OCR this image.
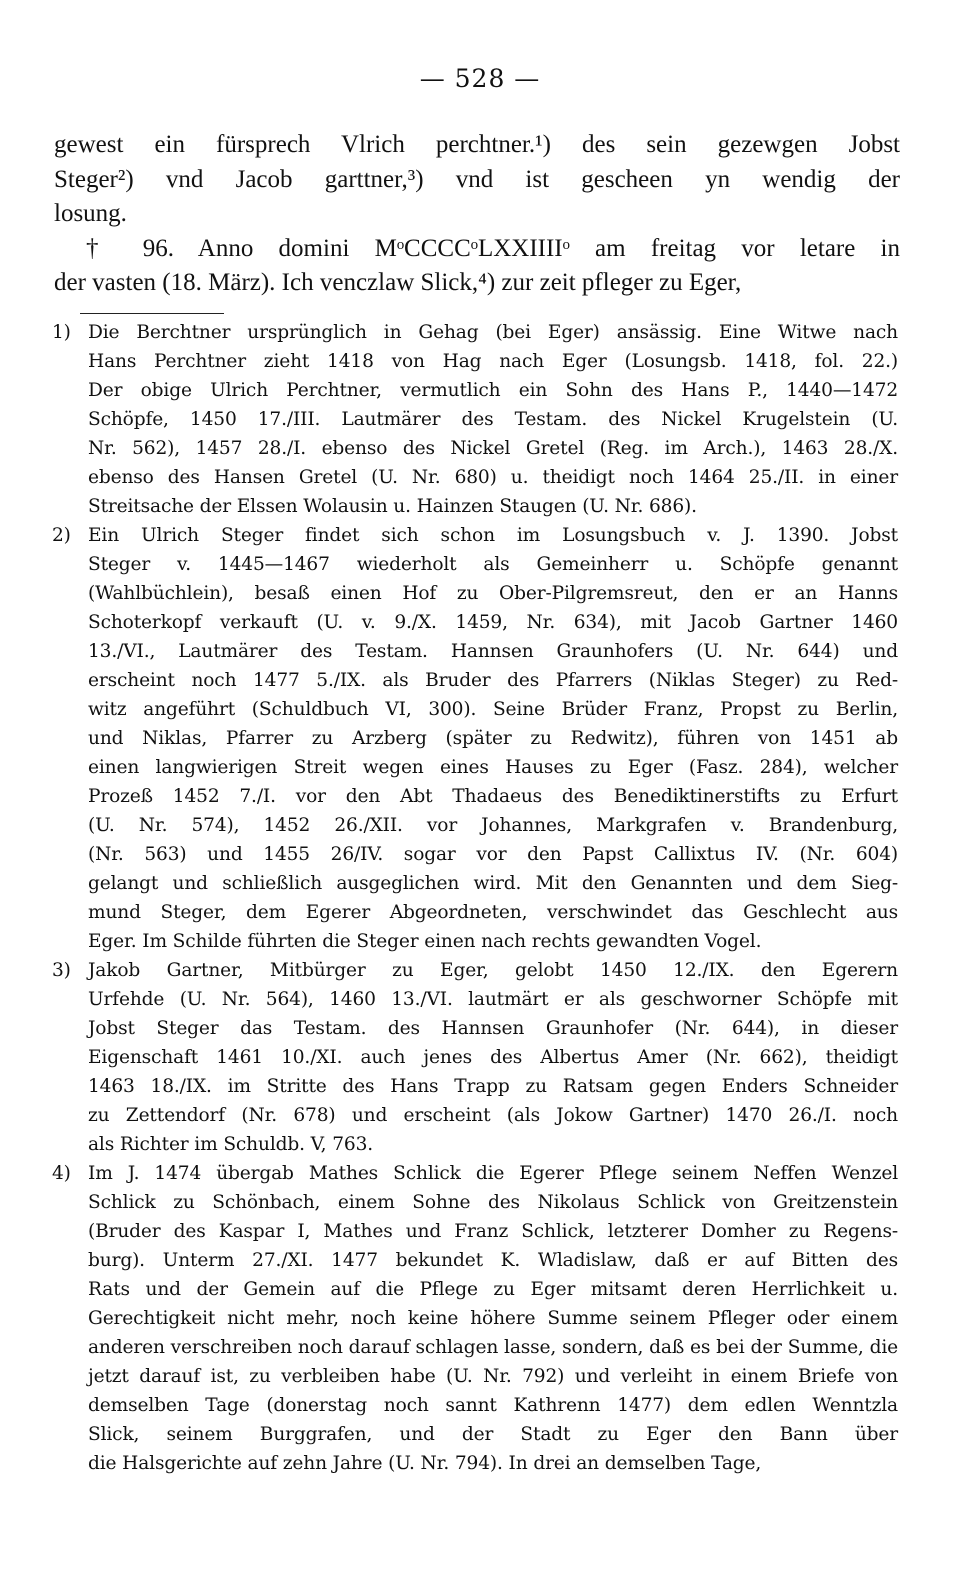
— 528 —
gewest ein fürsprech Vlrich perchtner.¹) des sein gezewgen Jobst
Steger²) vnd Jacob garttner,³) vnd ist gescheen yn wendig der
losung.
† 96. Anno domini MᵒCCCCᵒLXXIIIIᵒ am freitag vor letare in
der vasten (18. März). Ich venczlaw Slick,⁴) zur zeit pfleger zu Eger,
1) Die Berchtner ursprünglich in Gehag (bei Eger) ansässig. Eine Witwe nach
Hans Perchtner zieht 1418 von Hag nach Eger (Losungsb. 1418, fol. 22.)
Der obige Ulrich Perchtner, vermutlich ein Sohn des Hans P., 1440—1472
Schöpfe, 1450 17./III. Lautmärer des Testam. des Nickel Krugelstein (U.
Nr. 562), 1457 28./I. ebenso des Nickel Gretel (Reg. im Arch.), 1463 28./X.
ebenso des Hansen Gretel (U. Nr. 680) u. theidigt noch 1464 25./II. in einer
Streitsache der Elssen Wolausin u. Hainzen Staugen (U. Nr. 686).
2) Ein Ulrich Steger findet sich schon im Losungsbuch v. J. 1390. Jobst
Steger v. 1445—1467 wiederholt als Gemeinherr u. Schöpfe genannt
(Wahlbüchlein), besaß einen Hof zu Ober-Pilgremsreut, den er an Hanns
Schoterkopf verkauft (U. v. 9./X. 1459, Nr. 634), mit Jacob Gartner 1460
13./VI., Lautmärer des Testam. Hannsen Graunhofers (U. Nr. 644) und
erscheint noch 1477 5./IX. als Bruder des Pfarrers (Niklas Steger) zu Red-
witz angeführt (Schuldbuch VI, 300). Seine Brüder Franz, Propst zu Berlin,
und Niklas, Pfarrer zu Arzberg (später zu Redwitz), führen von 1451 ab
einen langwierigen Streit wegen eines Hauses zu Eger (Fasz. 284), welcher
Prozeß 1452 7./I. vor den Abt Thadaeus des Benediktinerstifts zu Erfurt
(U. Nr. 574), 1452 26./XII. vor Johannes, Markgrafen v. Brandenburg,
(Nr. 563) und 1455 26/IV. sogar vor den Papst Callixtus IV. (Nr. 604)
gelangt und schließlich ausgeglichen wird. Mit den Genannten und dem Sieg-
mund Steger, dem Egerer Abgeordneten, verschwindet das Geschlecht aus
Eger. Im Schilde führten die Steger einen nach rechts gewandten Vogel.
3) Jakob Gartner, Mitbürger zu Eger, gelobt 1450 12./IX. den Egerern
Urfehde (U. Nr. 564), 1460 13./VI. lautmärt er als geschworner Schöpfe mit
Jobst Steger das Testam. des Hannsen Graunhofer (Nr. 644), in dieser
Eigenschaft 1461 10./XI. auch jenes des Albertus Amer (Nr. 662), theidigt
1463 18./IX. im Stritte des Hans Trapp zu Ratsam gegen Enders Schneider
zu Zettendorf (Nr. 678) und erscheint (als Jokow Gartner) 1470 26./I. noch
als Richter im Schuldb. V, 763.
4) Im J. 1474 übergab Mathes Schlick die Egerer Pflege seinem Neffen Wenzel
Schlick zu Schönbach, einem Sohne des Nikolaus Schlick von Greitzenstein
(Bruder des Kaspar I, Mathes und Franz Schlick, letzterer Domher zu Regens-
burg). Unterm 27./XI. 1477 bekundet K. Wladislaw, daß er auf Bitten des
Rats und der Gemein auf die Pflege zu Eger mitsamt deren Herrlichkeit u.
Gerechtigkeit nicht mehr, noch keine höhere Summe seinem Pfleger oder einem
anderen verschreiben noch darauf schlagen lasse, sondern, daß es bei der Summe, die
jetzt darauf ist, zu verbleiben habe (U. Nr. 792) und verleiht in einem Briefe von
demselben Tage (donerstag noch sannt Kathrenn 1477) dem edlen Wenntzla
Slick, seinem Burggrafen, und der Stadt zu Eger den Bann über
die Halsgerichte auf zehn Jahre (U. Nr. 794). In drei an demselben Tage,
